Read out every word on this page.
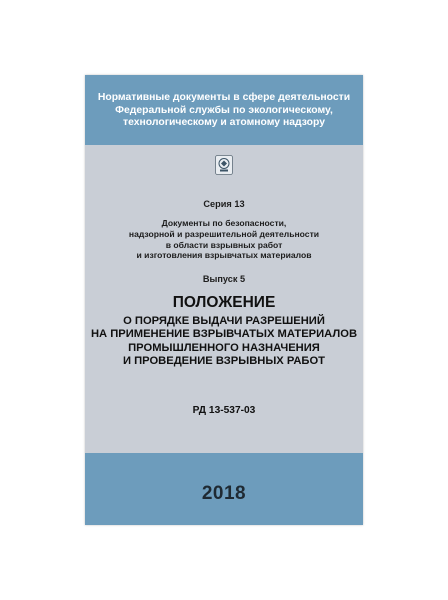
Нормативные документы в сфере деятельности
Федеральной службы по экологическому,
технологическому и атомному надзору
Серия 13
Документы по безопасности,
надзорной и разрешительной деятельности
в области взрывных работ
и изготовления взрывчатых материалов
Выпуск 5
ПОЛОЖЕНИЕ
О ПОРЯДКЕ ВЫДАЧИ РАЗРЕШЕНИЙ
НА ПРИМЕНЕНИЕ ВЗРЫВЧАТЫХ МАТЕРИАЛОВ
ПРОМЫШЛЕННОГО НАЗНАЧЕНИЯ
И ПРОВЕДЕНИЕ ВЗРЫВНЫХ РАБОТ
РД 13-537-03
2018
